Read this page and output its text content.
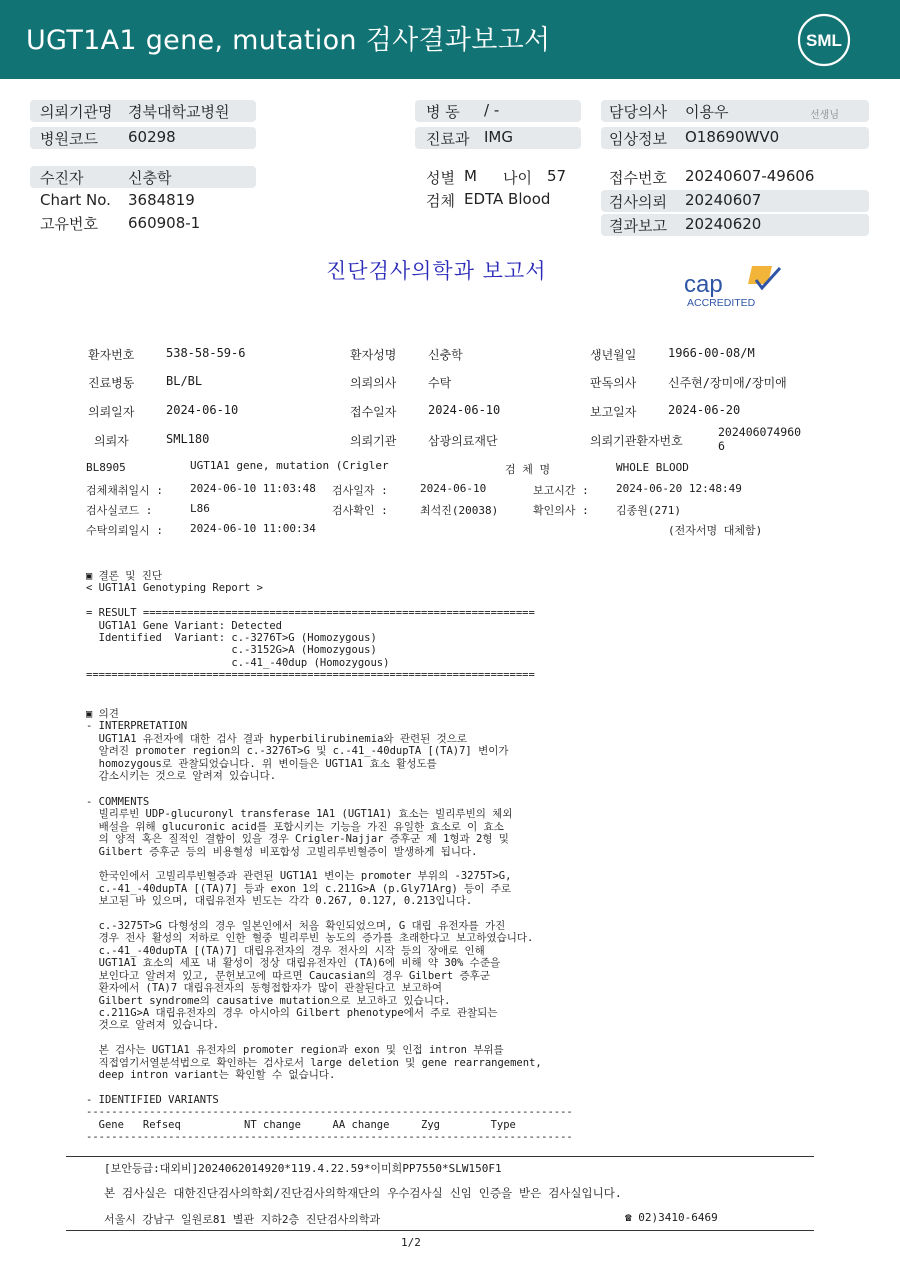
UGT1A1 gene, mutation 검사결과보고서	SML
의뢰기관명 경북대학교병원
병원코드 60298
병 동 / -
진료과 IMG
담당의사 이용우	선생님
임상정보 O18690WV0
수진자	신충학
Chart No. 3684819
고유번호 660908-1
성별 M 나이 57
검체 EDTA Blood
접수번호 20240607-49606
검사의뢰 20240607
결과보고 20240620
진단검사의학과 보고서	cap
ACCREDITED
환자번호	538-58-59-6	환자성명	신충학	생년월일	1966-00-08/M
진료병동	BL/BL	의뢰의사	수탁	판독의사	신주현/장미애/장미애
의뢰일자	2024-06-10	접수일자	2024-06-10	보고일자	2024-06-20
의뢰자	SML180	의뢰기관	삼광의료재단	의뢰기관환자번호
202406074960
6
BL8905	UGT1A1 gene, mutation (Crigler	검 체 명	WHOLE BLOOD
검체채취일시 : 2024-06-10 11:03:48 검사일자 :	2024-06-10	보고시간 : 2024-06-20 12:48:49
검사실코드 :	L86	검사확인 :	최석진(20038)	확인의사 : 김종원(271)
수탁의뢰일시 : 2024-06-10 11:00:34	(전자서명 대체함)
▣ 결론 및 진단
< UGT1A1 Genotyping Report >

= RESULT ==============================================================
UGT1A1 Gene Variant: Detected
Identified  Variant: c.-3276T>G (Homozygous)
c.-3152G>A (Homozygous)
c.-41_-40dup (Homozygous)
=======================================================================
▣ 의견
- INTERPRETATION
UGT1A1 유전자에 대한 검사 결과 hyperbilirubinemia와 관련된 것으로
알려진 promoter region의 c.-3276T>G 및 c.-41_-40dupTA [(TA)7] 변이가
homozygous로 관찰되었습니다. 위 변이들은 UGT1A1 효소 활성도를
감소시키는 것으로 알려져 있습니다.
- COMMENTS
빌리루빈 UDP-glucuronyl transferase 1A1 (UGT1A1) 효소는 빌리루빈의 체외
배설을 위해 glucuronic acid를 포합시키는 기능을 가진 유일한 효소로 이 효소
의 양적 혹은 질적인 결함이 있을 경우 Crigler-Najjar 증후군 제 1형과 2형 및
Gilbert 증후군 등의 비용혈성 비포합성 고빌리루빈혈증이 발생하게 됩니다.

한국인에서 고빌리루빈혈증과 관련된 UGT1A1 변이는 promoter 부위의 -3275T>G,
c.-41_-40dupTA [(TA)7] 등과 exon 1의 c.211G>A (p.Gly71Arg) 등이 주로
보고된 바 있으며, 대립유전자 빈도는 각각 0.267, 0.127, 0.213입니다.

c.-3275T>G 다형성의 경우 일본인에서 처음 확인되었으며, G 대립 유전자를 가진
경우 전사 활성의 저하로 인한 혈중 빌리루빈 농도의 증가를 초래한다고 보고하였습니다.
c.-41_-40dupTA [(TA)7] 대립유전자의 경우 전사의 시작 등의 장애로 인해
UGT1A1 효소의 세포 내 활성이 정상 대립유전자인 (TA)6에 비해 약 30% 수준을
보인다고 알려져 있고, 문헌보고에 따르면 Caucasian의 경우 Gilbert 증후군
환자에서 (TA)7 대립유전자의 동형접합자가 많이 관찰된다고 보고하여
Gilbert syndrome의 causative mutation으로 보고하고 있습니다.
c.211G>A 대립유전자의 경우 아시아의 Gilbert phenotype에서 주로 관찰되는
것으로 알려져 있습니다.

본 검사는 UGT1A1 유전자의 promoter region과 exon 및 인접 intron 부위를
직접염기서열분석법으로 확인하는 검사로서 large deletion 및 gene rearrangement,
deep intron variant는 확인할 수 없습니다.
- IDENTIFIED VARIANTS
-----------------------------------------------------------------------------
Gene   Refseq          NT change     AA change     Zyg        Type
-----------------------------------------------------------------------------
[보안등급:대외비]2024062014920*119.4.22.59*이미희PP7550*SLW150F1
본 검사실은 대한진단검사의학회/진단검사의학재단의 우수검사실 신임 인증을 받은 검사실입니다.
서울시 강남구 일원로81 별관 지하2층 진단검사의학과	☎ 02)3410-6469
1/2
